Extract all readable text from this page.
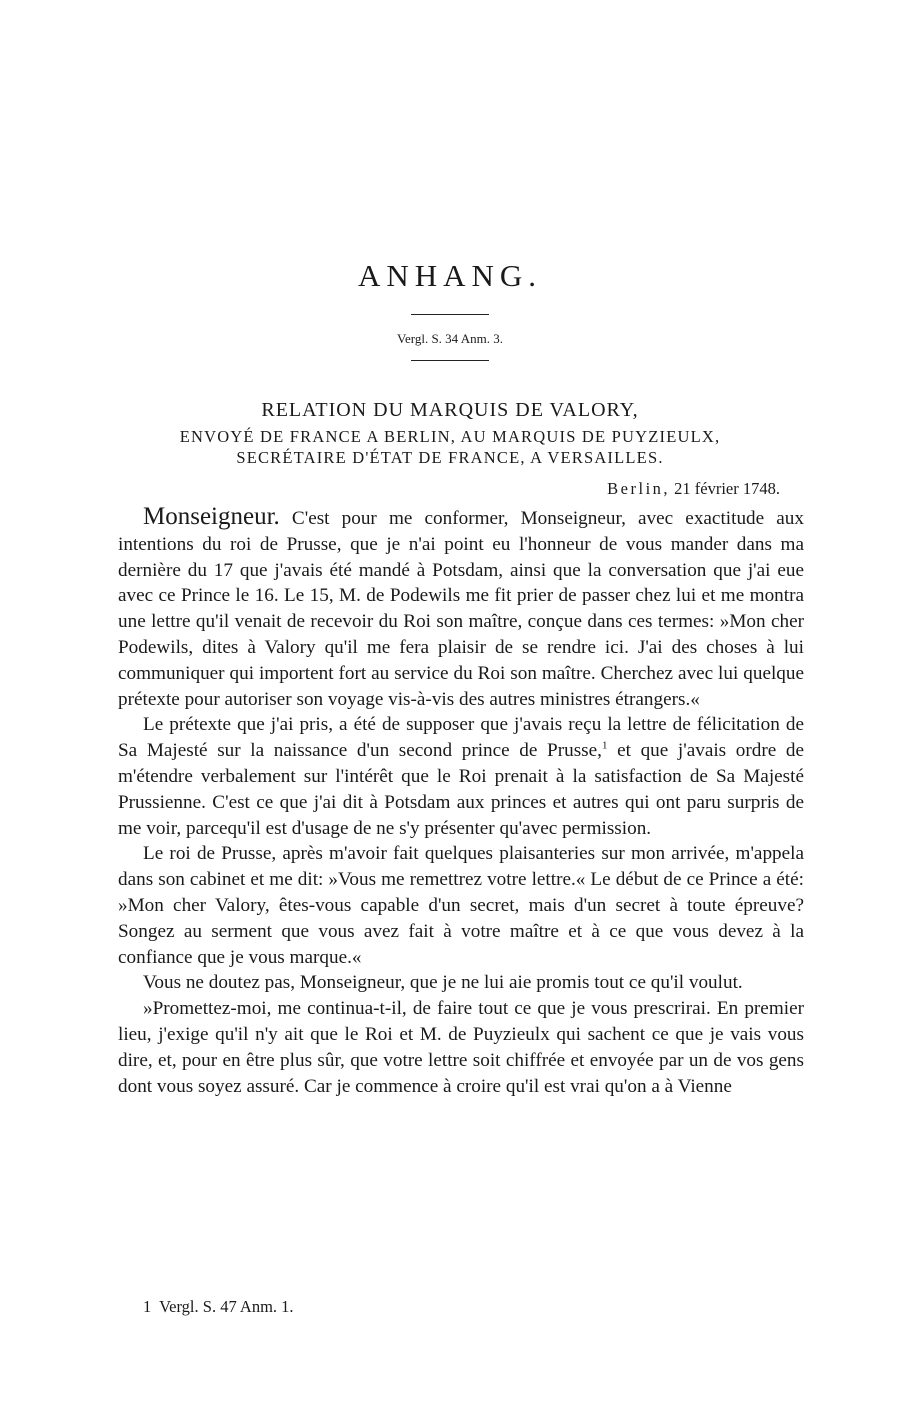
ANHANG.
Vergl. S. 34 Anm. 3.
RELATION DU MARQUIS DE VALORY,
ENVOYÉ DE FRANCE A BERLIN, AU MARQUIS DE PUYZIEULX,
SECRÉTAIRE D'ÉTAT DE FRANCE, A VERSAILLES.
Berlin, 21 février 1748.

Monseigneur. C'est pour me conformer, Monseigneur, avec exactitude aux intentions du roi de Prusse, que je n'ai point eu l'honneur de vous mander dans ma dernière du 17 que j'avais été mandé à Potsdam, ainsi que la conversation que j'ai eue avec ce Prince le 16. Le 15, M. de Podewils me fit prier de passer chez lui et me montra une lettre qu'il venait de recevoir du Roi son maître, conçue dans ces termes: »Mon cher Podewils, dites à Valory qu'il me fera plaisir de se rendre ici. J'ai des choses à lui communiquer qui importent fort au service du Roi son maître. Cherchez avec lui quelque prétexte pour autoriser son voyage vis-à-vis des autres ministres étrangers.«

Le prétexte que j'ai pris, a été de supposer que j'avais reçu la lettre de félicitation de Sa Majesté sur la naissance d'un second prince de Prusse,$^1$ et que j'avais ordre de m'étendre verbalement sur l'intérêt que le Roi prenait à la satisfaction de Sa Majesté Prussienne. C'est ce que j'ai dit à Potsdam aux princes et autres qui ont paru surpris de me voir, parcequ'il est d'usage de ne s'y présenter qu'avec permission.

Le roi de Prusse, après m'avoir fait quelques plaisanteries sur mon arrivée, m'appela dans son cabinet et me dit: »Vous me remettrez votre lettre.« Le début de ce Prince a été: »Mon cher Valory, êtes-vous capable d'un secret, mais d'un secret à toute épreuve? Songez au serment que vous avez fait à votre maître et à ce que vous devez à la confiance que je vous marque.«

Vous ne doutez pas, Monseigneur, que je ne lui aie promis tout ce qu'il voulut.

»Promettez-moi, me continua-t-il, de faire tout ce que je vous prescrirai. En premier lieu, j'exige qu'il n'y ait que le Roi et M. de Puyzieulx qui sachent ce que je vais vous dire, et, pour en être plus sûr, que votre lettre soit chiffrée et envoyée par un de vos gens dont vous soyez assuré. Car je commence à croire qu'il est vrai qu'on a à Vienne

1 Vergl. S. 47 Anm. 1.
